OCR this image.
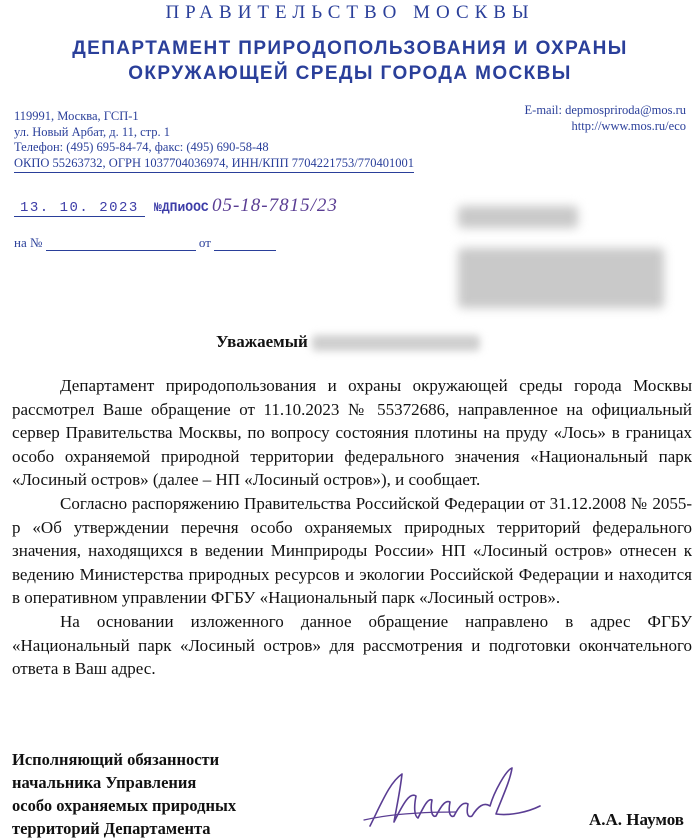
ПРАВИТЕЛЬСТВО МОСКВЫ
ДЕПАРТАМЕНТ ПРИРОДОПОЛЬЗОВАНИЯ И ОХРАНЫ
ОКРУЖАЮЩЕЙ СРЕДЫ ГОРОДА МОСКВЫ
119991, Москва, ГСП-1
ул. Новый Арбат, д. 11, стр. 1
Телефон: (495) 695-84-74, факс: (495) 690-58-48
ОКПО 55263732, ОГРН 1037704036974, ИНН/КПП 7704221753/770401001
E-mail: depmospriroda@mos.ru
http://www.mos.ru/eco
13. 10. 2023 №ДПиООС 05-18-7815/23
на №	от
Уважаемый

Департамент природопользования и охраны окружающей среды города Москвы рассмотрел Ваше обращение от 11.10.2023 № 55372686, направленное на официальный сервер Правительства Москвы, по вопросу состояния плотины на пруду «Лось» в границах особо охраняемой природной территории федерального значения «Национальный парк «Лосиный остров» (далее – НП «Лосиный остров»), и сообщает.

Согласно распоряжению Правительства Российской Федерации от 31.12.2008 № 2055-р «Об утверждении перечня особо охраняемых природных территорий федерального значения, находящихся в ведении Минприроды России» НП «Лосиный остров» отнесен к ведению Министерства природных ресурсов и экологии Российской Федерации и находится в оперативном управлении ФГБУ «Национальный парк «Лосиный остров».

На основании изложенного данное обращение направлено в адрес ФГБУ «Национальный парк «Лосиный остров» для рассмотрения и подготовки окончательного ответа в Ваш адрес.

Исполняющий обязанности
начальника Управления
особо охраняемых природных
территорий Департамента	А.А. Наумов
